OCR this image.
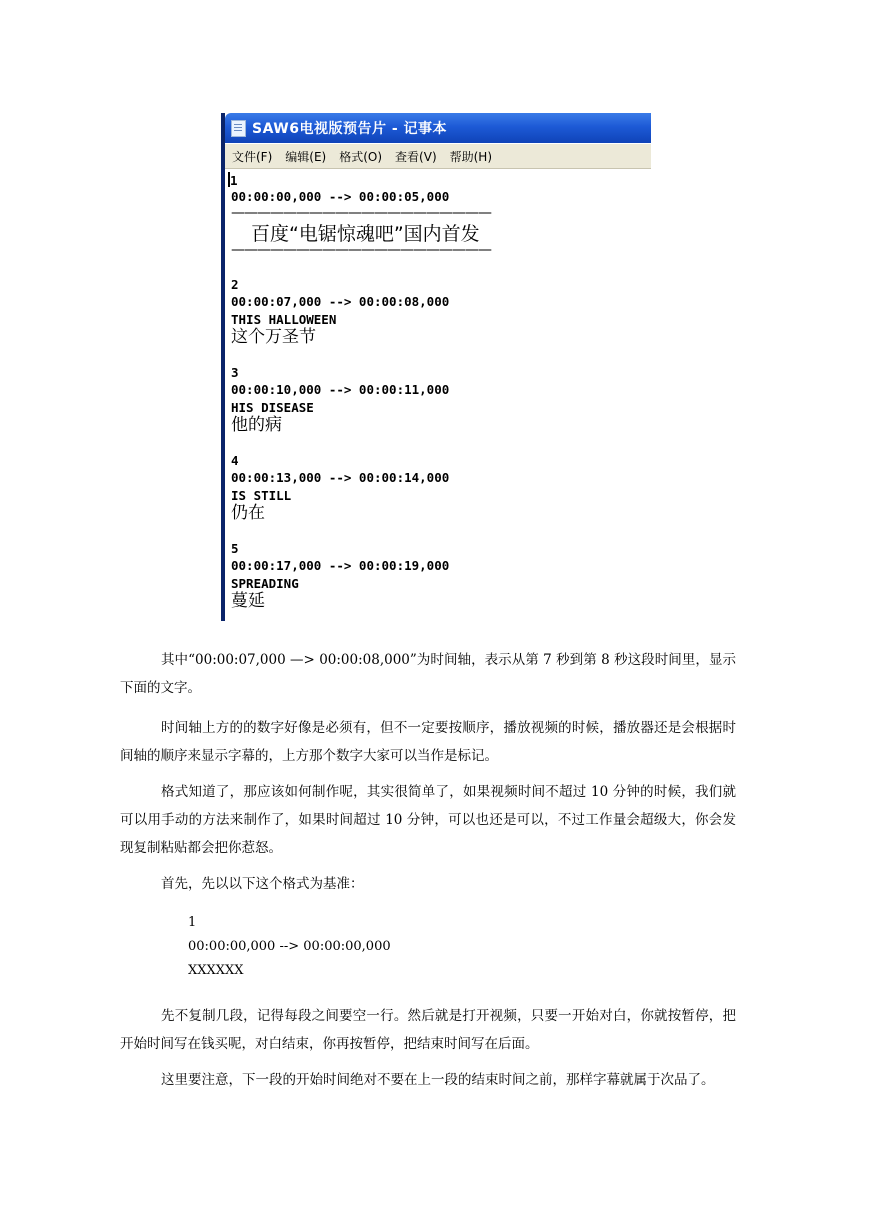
SAW6电视版预告片 - 记事本
文件(F) 编辑(E) 格式(O) 查看(V) 帮助(H)
1
00:00:00,000 --> 00:00:05,000
————————————————————
百度“电锯惊魂吧”国内首发
————————————————————
2
00:00:07,000 --> 00:00:08,000
THIS HALLOWEEN
这个万圣节
3
00:00:10,000 --> 00:00:11,000
HIS DISEASE
他的病
4
00:00:13,000 --> 00:00:14,000
IS STILL
仍在
5
00:00:17,000 --> 00:00:19,000
SPREADING
蔓延

其中“00:00:07,000 —> 00:00:08,000”为时间轴，表示从第 7 秒到第 8 秒这段时间里，显示下面的文字。

时间轴上方的的数字好像是必须有，但不一定要按顺序，播放视频的时候，播放器还是会根据时间轴的顺序来显示字幕的，上方那个数字大家可以当作是标记。

格式知道了，那应该如何制作呢，其实很简单了，如果视频时间不超过 10 分钟的时候，我们就可以用手动的方法来制作了，如果时间超过 10 分钟，可以也还是可以，不过工作量会超级大，你会发现复制粘贴都会把你惹怒。

首先，先以以下这个格式为基准：

1
00:00:00,000 --> 00:00:00,000
XXXXXX

先不复制几段，记得每段之间要空一行。然后就是打开视频，只要一开始对白，你就按暂停，把开始时间写在钱买呢，对白结束，你再按暂停，把结束时间写在后面。

这里要注意，下一段的开始时间绝对不要在上一段的结束时间之前，那样字幕就属于次品了。
